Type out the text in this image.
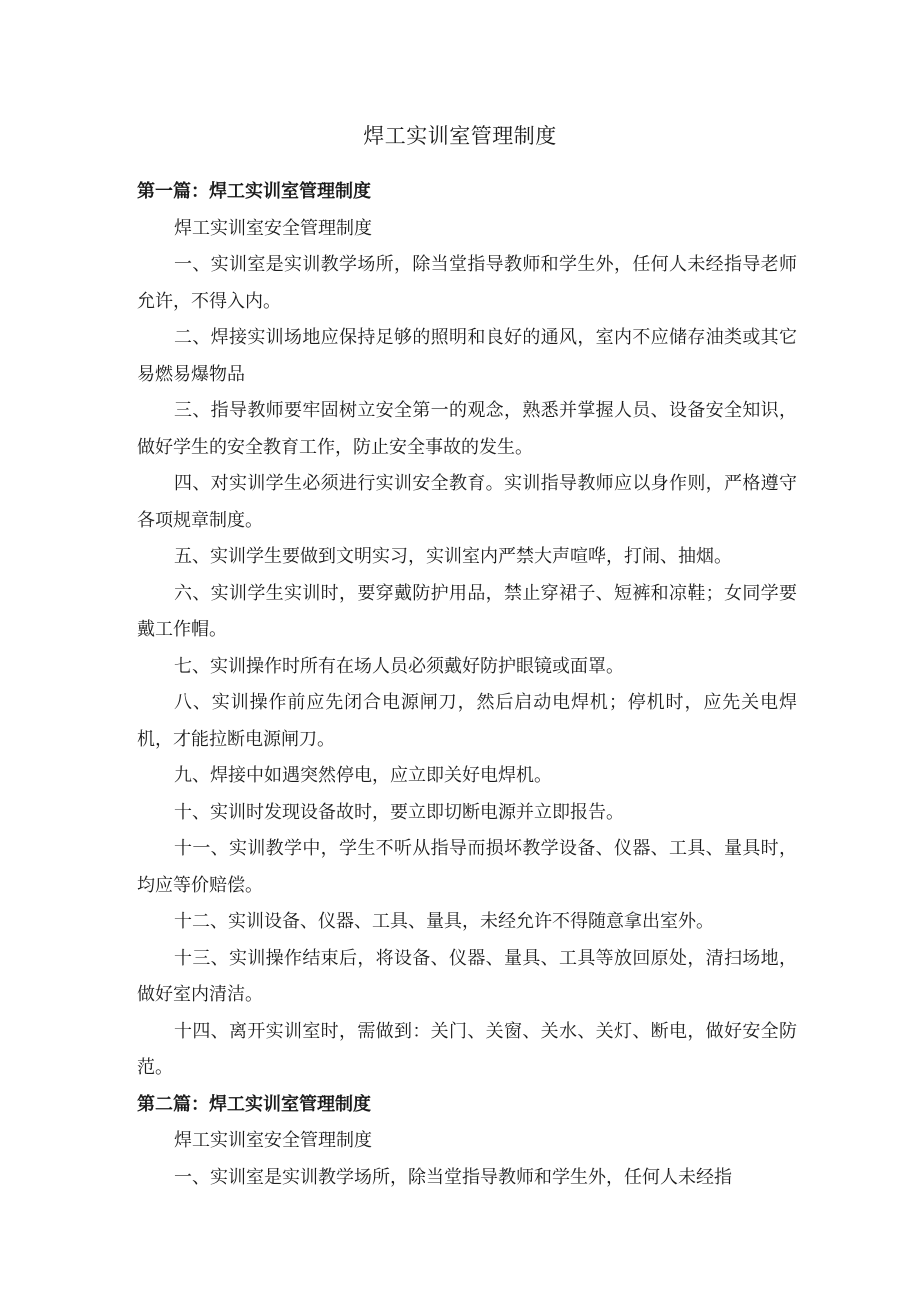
焊工实训室管理制度
第一篇：焊工实训室管理制度
焊工实训室安全管理制度

一、实训室是实训教学场所，除当堂指导教师和学生外，任何人未经指导老师允许，不得入内。

二、焊接实训场地应保持足够的照明和良好的通风，室内不应储存油类或其它易燃易爆物品

三、指导教师要牢固树立安全第一的观念，熟悉并掌握人员、设备安全知识，做好学生的安全教育工作，防止安全事故的发生。

四、对实训学生必须进行实训安全教育。实训指导教师应以身作则，严格遵守各项规章制度。

五、实训学生要做到文明实习，实训室内严禁大声喧哗，打闹、抽烟。

六、实训学生实训时，要穿戴防护用品，禁止穿裙子、短裤和凉鞋；女同学要戴工作帽。

七、实训操作时所有在场人员必须戴好防护眼镜或面罩。

八、实训操作前应先闭合电源闸刀，然后启动电焊机；停机时，应先关电焊机，才能拉断电源闸刀。

九、焊接中如遇突然停电，应立即关好电焊机。

十、实训时发现设备故时，要立即切断电源并立即报告。

十一、实训教学中，学生不听从指导而损坏教学设备、仪器、工具、量具时，均应等价赔偿。

十二、实训设备、仪器、工具、量具，未经允许不得随意拿出室外。

十三、实训操作结束后，将设备、仪器、量具、工具等放回原处，清扫场地，做好室内清洁。

十四、离开实训室时，需做到：关门、关窗、关水、关灯、断电，做好安全防范。

第二篇：焊工实训室管理制度
焊工实训室安全管理制度

一、实训室是实训教学场所，除当堂指导教师和学生外，任何人未经指
